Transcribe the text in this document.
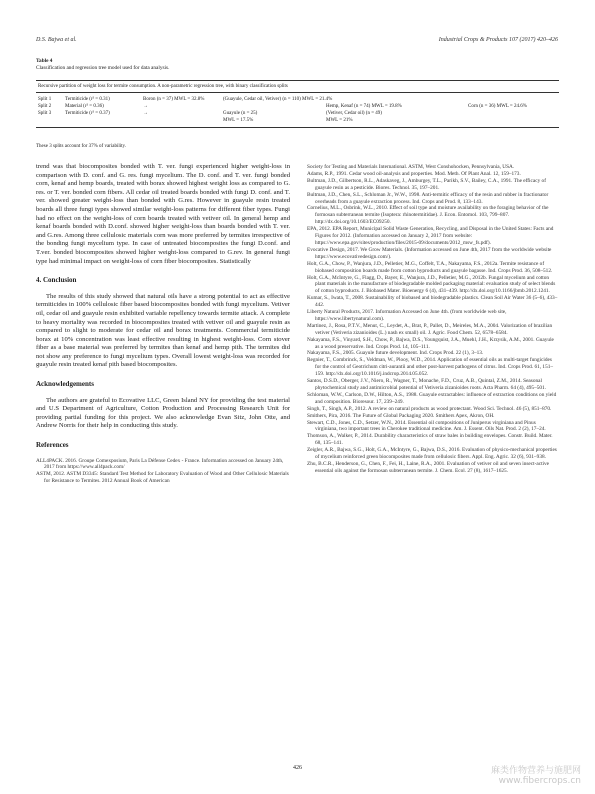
D.S. Bajwa et al.	Industrial Crops & Products 107 (2017) 420–426
Table 4
Classification and regression tree model used for data analysis.
Recursive partition of weight loss for termite consumption. A non-parametric regression tree, with binary classification splits
Split 1	Termiticide (r² = 0.31)	Boron (n = 37) MWL = 32.8%	(Guayule, Cedar oil, Vetiver) (n = 110) MWL = 21.4%
Split 2	Material (r² = 0.36)	→	Hemp, Kenaf (n = 74) MWL = 19.8%	Corn (n = 36) MWL = 24.6%
Split 3	Termiticide (r² = 0.37)	→	Guayule (n = 25)	(Vetiver, Cedar oil) (n = 49)
MWL = 17.5%	MWL = 21%
These 3 splits account for 37% of variability.

trend was that biocomposites bonded with T. ver. fungi experienced higher weight-loss in comparison with D. conf. and G. res. fungi mycelium. The D. conf. and T. ver. fungi bonded corn, kenaf and hemp boards, treated with borax showed highest weight loss as compared to G. res. or T. ver. bonded corn fibers. All cedar oil treated boards bonded with fungi D. conf. and T. ver. showed greater weight-loss than bonded with G.res. However in guayule resin treated boards all three fungi types showed similar weight-loss patterns for different fiber types. Fungi had no effect on the weight-loss of corn boards treated with vetiver oil. In general hemp and kenaf boards bonded with D.conf. showed higher weight-loss than boards bonded with T. ver. and G.res. Among three cellulosic materials corn was more preferred by termites irrespective of the bonding fungi mycelium type. In case of untreated biocomposites the fungi D.conf. and T.ver. bonded biocomposites showed higher weight-loss compared to G.rev. In general fungi type had minimal impact on weight-loss of corn fiber biocomposites. Statistically

4. Conclusion

The results of this study showed that natural oils have a strong potential to act as effective termiticides in 100% cellulosic fiber based biocomposites bonded with fungi mycelium. Vetiver oil, cedar oil and guayule resin exhibited variable repellency towards termite attack. A complete to heavy mortality was recorded in biocomposites treated with vetiver oil and guayule resin as compared to slight to moderate for cedar oil and borax treatments. Commercial termiticide borax at 10% concentration was least effective resulting in highest weight-loss. Corn stover fiber as a base material was preferred by termites than kenaf and hemp pith. The termites did not show any preference to fungi mycelium types. Overall lowest weight-loss was recorded for guayule resin treated kenaf pith based biocomposites.

Acknowledgements

The authors are grateful to Ecovative LLC, Green Island NY for providing the test material and U.S Department of Agriculture, Cotton Production and Processing Research Unit for providing partial funding for this project. We also acknowledge Evan Sitz, John Otte, and Andrew Norris for their help in conducting this study.

References
ALL4PACK. 2016. Groupe Comexposium, Paris La Défense Cedex - France. Information accessed on January 24th, 2017 from https://www.all4pack.com/
ASTM, 2012. ASTM D3345: Standard Test Method for Laboratory Evaluation of Wood and Other Cellulosic Materials for Resistance to Termites. 2012 Annual Book of American
Society for Testing and Materials International. ASTM, West Conshohocken, Pennsylvania, USA.
Adams, R.P., 1991. Cedar wood oil-analysis and properties. Mod. Meth. Of Plant Anal. 12, 159–173.
Bultman, J.D., Gilbertson, R.L., Adaskaveg, J., Amburgey, T.L., Parikh, S.V., Bailey, C.A., 1991. The efficacy of guayule resin as a pesticide. Biores. Technol. 35, 197–201.
Bultman, J.D., Chen, S.L., Schloman Jr., W.W., 1998. Anti-termitic efficacy of the resin and rubber in fractionator overheads from a guayule extraction process. Ind. Crops and Prod. 8, 133–143.
Cornelius, M.L., Osbrink, W.L., 2010. Effect of soil type and moisture availability on the foraging behavior of the formosan subterranean termite (Isoptera: rhinotermitidae). J. Econ. Entomol. 103, 799–807. http://dx.doi.org/10.1603/EC09250.
EPA, 2012. EPA Report, Municipal Solid Waste Generation, Recycling, and Disposal in the United States: Facts and Figures for 2012. (Information accessed on January 2, 2017 from website: https://www.epa.gov/sites/production/files/2015-09/documents/2012_msw_fs.pdf).
Evocative Design, 2017. We Grow Materials. (Information accessed on June 4th, 2017 from the worldwide website https://www.ecovativedesign.com/).
Holt, G.A., Chow, P., Wanjura, J.D., Pelletier, M.G., Coffelt, T.A., Nakayama, F.S., 2012a. Termite resistance of biobased composition boards made from cotton byproducts and guayule bagasse. Ind. Crops Prod. 36, 508–512.
Holt, G.A., McIntyre, G., Flagg, D., Bayer, E., Wanjura, J.D., Pelletier, M.G., 2012b. Fungal mycelium and cotton plant materials in the manufacture of biodegradable molded packaging material: evaluation study of select blends of cotton byproducts. J. Biobased Mater. Bioenergy 6 (4), 431–439. http://dx.doi.org/10.1166/jbmb.2012.1241.
Kumar, S., Iwata, T., 2008. Sustainability of biobased and biodegradable plastics. Clean Soil Air Water 36 (5–6), 433–442.
Liberty Natural Products, 2017. Information Accessed on June 4th. (from worldwide web site, https://www.libertynatural.com).
Martinez, J., Rosa, P.T.V., Menut, C., Leydet, A., Brat, P., Pallet, D., Meireles, M.A., 2004. Valorization of brazilian vetiver (Vetiveria zizanioides (L.) nash ex small) oil. J. Agric. Food Chem. 52, 6578–6584.
Nakayama, F.S., Vinyard, S.H., Chow, P., Bajwa, D.S., Youngquist, J.A., Muehl, J.H., Krzysik, A.M., 2001. Guayule as a wood preservative. Ind. Crops Prod. 14, 105–111.
Nakayama, F.S., 2005. Guayule future development. Ind. Crops Prod. 22 (1), 3–13.
Regnier, T., Combrinck, S., Veldman, W., Plooy, W.D., 2014. Application of essential oils as multi-target fungicides for the control of Geotrichum citri-aurantii and other post-harvest pathogens of citrus. Ind. Crops Prod. 61, 151–159. http://dx.doi.org/10.1016/j.indcrop.2014.05.052.
Santos, D.S.D., Oberger, J.V., Niero, R., Wagner, T., Monache, F.D., Cruz, A.B., Quintal, Z.M., 2014. Seasonal phytochemical study and antimicrobial potential of Vetiveria zizanioides roots. Acta Pharm. 64 (4), 495–501.
Schloman, W.W., Carlson, D.W., Hilton, A.S., 1988. Guayule extractables: influence of extraction conditions on yield and composition. Bioresour. 17, 239–249.
Singh, T., Singh, A.P., 2012. A review on natural products as wood protectant. Wood Sci. Technol. 46 (5), 851–870.
Smithers, Pira, 2016. The Future of Global Packaging 2020. Smithers Apex, Akron, OH.
Stewart, C.D., Jones, C.D., Setzer, W.N., 2014. Essential oil compositions of Juniperus virginiana and Pinus virginiana, two important trees in Cherokee traditional medicine. Am. J. Essent. Oils Nat. Prod. 2 (2), 17–24.
Thomson, A., Walker, P., 2014. Durability characteristics of straw bales in building envelopes. Constr. Build. Mater. 68, 135–141.
Zeigler, A.R., Bajwa, S.G., Holt, G.A., McIntyre, G., Bajwa, D.S., 2016. Evaluation of physico-mechanical properties of mycelium reinforced green biocomposites made from cellulosic fibers. Appl. Eng. Agric. 32 (6), 931–938.
Zhu, B.C.R., Henderson, G., Chen, F., Fei, H., Laine, R.A., 2001. Evaluation of vetiver oil and seven insect-active essential oils against the formosan subterranean termite. J. Chem. Ecol. 27 (8), 1617–1625.
426	麻类作物营养与施肥网
www.fibercrops.cn
